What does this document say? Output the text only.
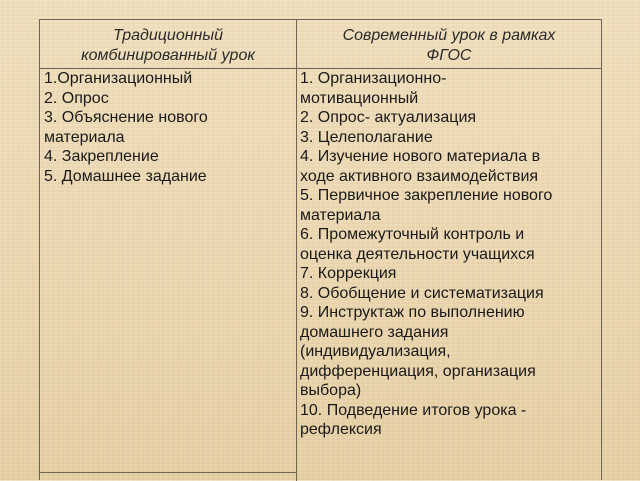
Традиционный
комбинированный урок
Современный урок в рамках
ФГОС
1.Организационный
2. Опрос
3. Объяснение нового
материала
4. Закрепление
5. Домашнее задание
1. Организационно-
мотивационный
2. Опрос- актуализация
3. Целеполагание
4. Изучение нового материала в
ходе активного взаимодействия
5. Первичное закрепление нового
материала
6. Промежуточный контроль и
оценка деятельности учащихся
7. Коррекция
8. Обобщение и систематизация
9. Инструктаж по выполнению
домашнего задания
(индивидуализация,
дифференциация, организация
выбора)
10. Подведение итогов урока -
рефлексия
